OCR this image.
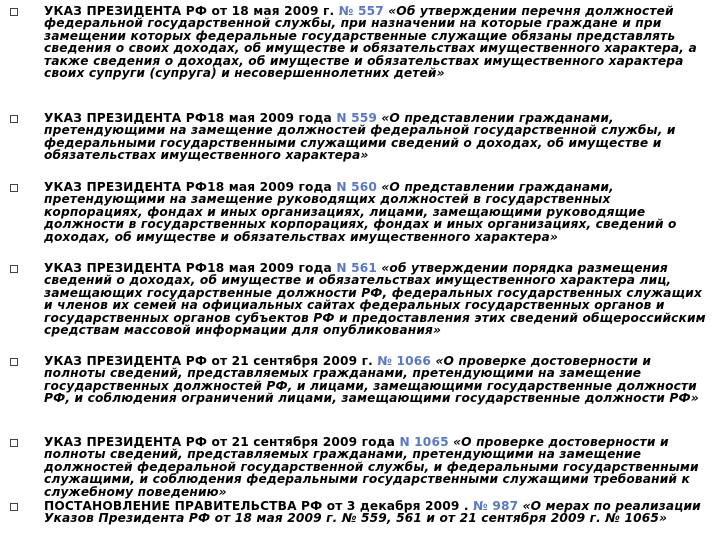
УКАЗ ПРЕЗИДЕНТА РФ от 18 мая 2009 г. № 557 «Об утверждении перечня должностей федеральной государственной службы, при назначении на которые граждане и при замещении которых федеральные государственные служащие обязаны представлять сведения о своих доходах, об имуществе и обязательствах имущественного характера, а также сведения о доходах, об имуществе и обязательствах имущественного характера своих супруги (супруга) и несовершеннолетних детей»
УКАЗ ПРЕЗИДЕНТА РФ18 мая 2009 года N 559 «О представлении гражданами, претендующими на замещение должностей федеральной государственной службы, и федеральными государственными служащими сведений о доходах, об имуществе и обязательствах имущественного характера»
УКАЗ ПРЕЗИДЕНТА РФ18 мая 2009 года N 560 «О представлении гражданами, претендующими на замещение руководящих должностей в государственных корпорациях, фондах и иных организациях, лицами, замещающими руководящие должности в государственных корпорациях, фондах и иных организациях, сведений о доходах, об имуществе и обязательствах имущественного характера»
УКАЗ ПРЕЗИДЕНТА РФ18 мая 2009 года N 561 «об утверждении порядка размещения сведений о доходах, об имуществе и обязательствах имущественного характера лиц, замещающих государственные должности РФ, федеральных государственных служащих и членов их семей на официальных сайтах федеральных государственных органов и государственных органов субъектов РФ и предоставления этих сведений общероссийским средствам массовой информации для опубликования»
УКАЗ ПРЕЗИДЕНТА РФ от 21 сентября 2009 г. № 1066 «О проверке достоверности и полноты сведений, представляемых гражданами, претендующими на замещение государственных должностей РФ, и лицами, замещающими государственные должности РФ, и соблюдения ограничений лицами, замещающими государственные должности РФ»
УКАЗ ПРЕЗИДЕНТА РФ от 21 сентября 2009 года N 1065 «О проверке достоверности и полноты сведений, представляемых гражданами, претендующими на замещение должностей федеральной государственной службы, и федеральными государственными служащими, и соблюдения федеральными государственными служащими требований к служебному поведению»
ПОСТАНОВЛЕНИЕ ПРАВИТЕЛЬСТВА РФ от 3 декабря 2009 . № 987 «О мерах по реализации Указов Президента РФ от 18 мая 2009 г. № 559, 561 и от 21 сентября 2009 г. № 1065»
